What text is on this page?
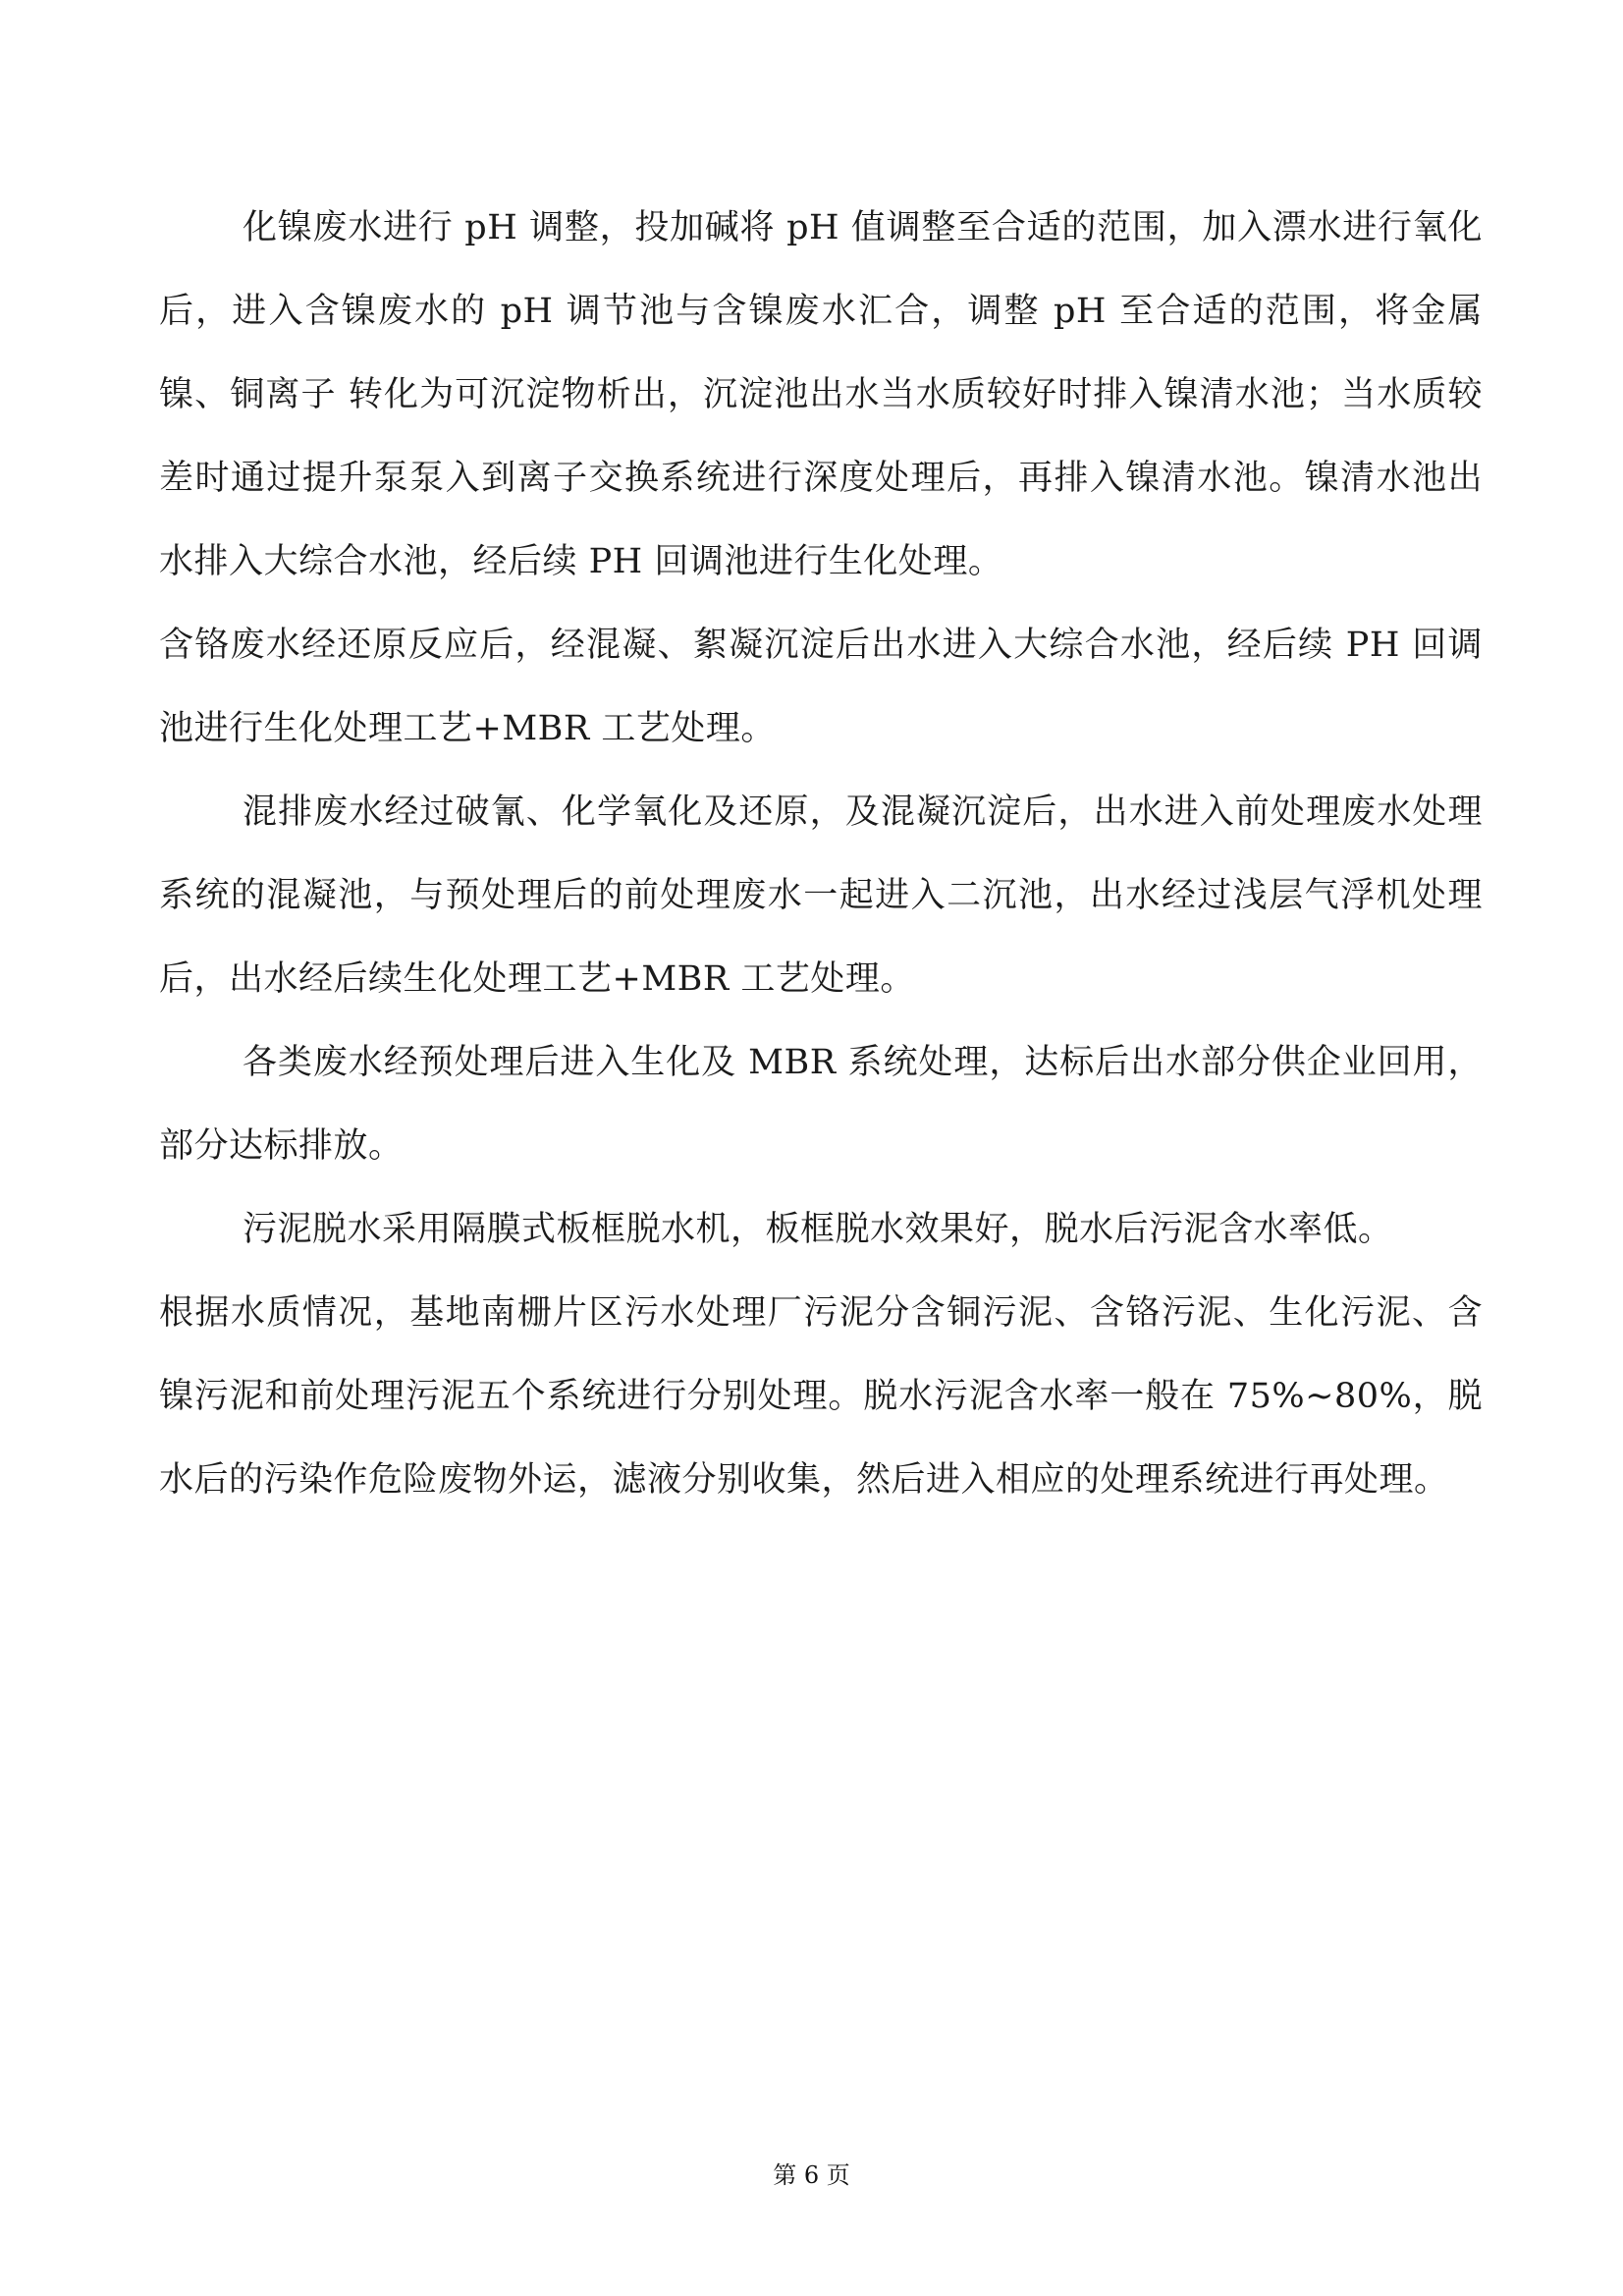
化镍废水进行 pH 调整，投加碱将 pH 值调整至合适的范围，加入漂水进行氧化后，进入含镍废水的 pH 调节池与含镍废水汇合，调整 pH 至合适的范围，将金属镍、铜离子 转化为可沉淀物析出，沉淀池出水当水质较好时排入镍清水池；当水质较差时通过提升泵泵入到离子交换系统进行深度处理后，再排入镍清水池。镍清水池出水排入大综合水池，经后续 PH 回调池进行生化处理。

含铬废水经还原反应后，经混凝、絮凝沉淀后出水进入大综合水池，经后续 PH 回调池进行生化处理工艺+MBR 工艺处理。

混排废水经过破氰、化学氧化及还原，及混凝沉淀后，出水进入前处理废水处理系统的混凝池，与预处理后的前处理废水一起进入二沉池，出水经过浅层气浮机处理后，出水经后续生化处理工艺+MBR 工艺处理。

各类废水经预处理后进入生化及 MBR 系统处理，达标后出水部分供企业回用，部分达标排放。

污泥脱水采用隔膜式板框脱水机，板框脱水效果好，脱水后污泥含水率低。

根据水质情况，基地南栅片区污水处理厂污泥分含铜污泥、含铬污泥、生化污泥、含镍污泥和前处理污泥五个系统进行分别处理。脱水污泥含水率一般在 75%~80%，脱水后的污染作危险废物外运，滤液分别收集，然后进入相应的处理系统进行再处理。

第 6 页
